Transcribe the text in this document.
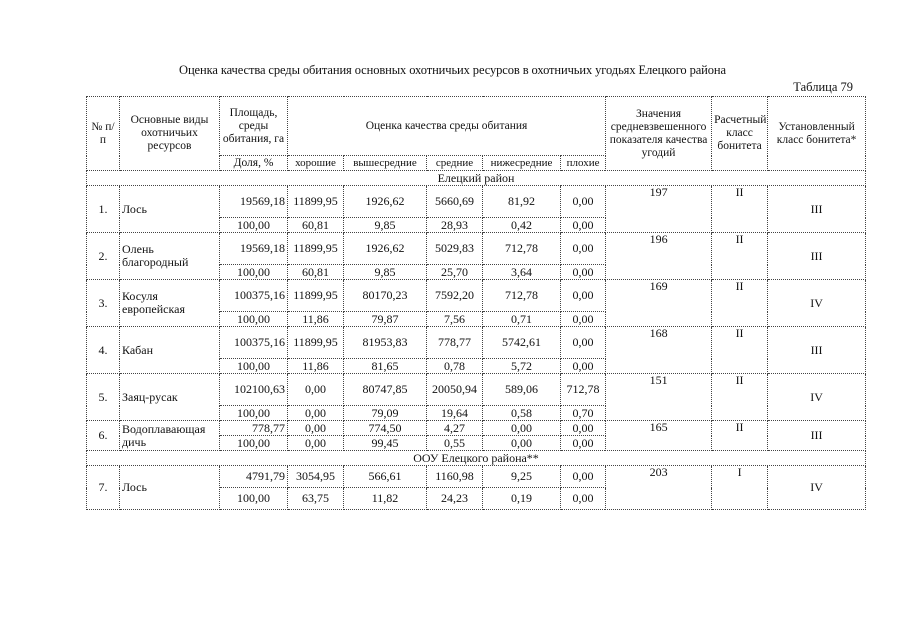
Оценка качества среды обитания основных охотничьих ресурсов в охотничьих угодьях Елецкого района
Таблица 79
№ п/п	Основные виды охотничьих ресурсов	Площадь, среды обитания, га	Оценка качества среды обитания					Значения средневзвешенного показателя качества угодий	Расчетный класс бонитета	Установленный класс бонитета*
		Доля, %	хорошие	вышесредние	средние	нижесредние	плохие			
Елецкий район										
1.	Лось	19569,18	11899,95	1926,62	5660,69	81,92	0,00	197	II	III
		100,00	60,81	9,85	28,93	0,42	0,00			
2.	Олень благородный	19569,18	11899,95	1926,62	5029,83	712,78	0,00	196	II	III
		100,00	60,81	9,85	25,70	3,64	0,00			
3.	Косуля европейская	100375,16	11899,95	80170,23	7592,20	712,78	0,00	169	II	IV
		100,00	11,86	79,87	7,56	0,71	0,00			
4.	Кабан	100375,16	11899,95	81953,83	778,77	5742,61	0,00	168	II	III
		100,00	11,86	81,65	0,78	5,72	0,00			
5.	Заяц-русак	102100,63	0,00	80747,85	20050,94	589,06	712,78	151	II	IV
		100,00	0,00	79,09	19,64	0,58	0,70			
6.	Водоплавающая дичь	778,77	0,00	774,50	4,27	0,00	0,00	165	II	III
		100,00	0,00	99,45	0,55	0,00	0,00			
ООУ Елецкого района**										
7.	Лось	4791,79	3054,95	566,61	1160,98	9,25	0,00	203	I	IV
		100,00	63,75	11,82	24,23	0,19	0,00			
